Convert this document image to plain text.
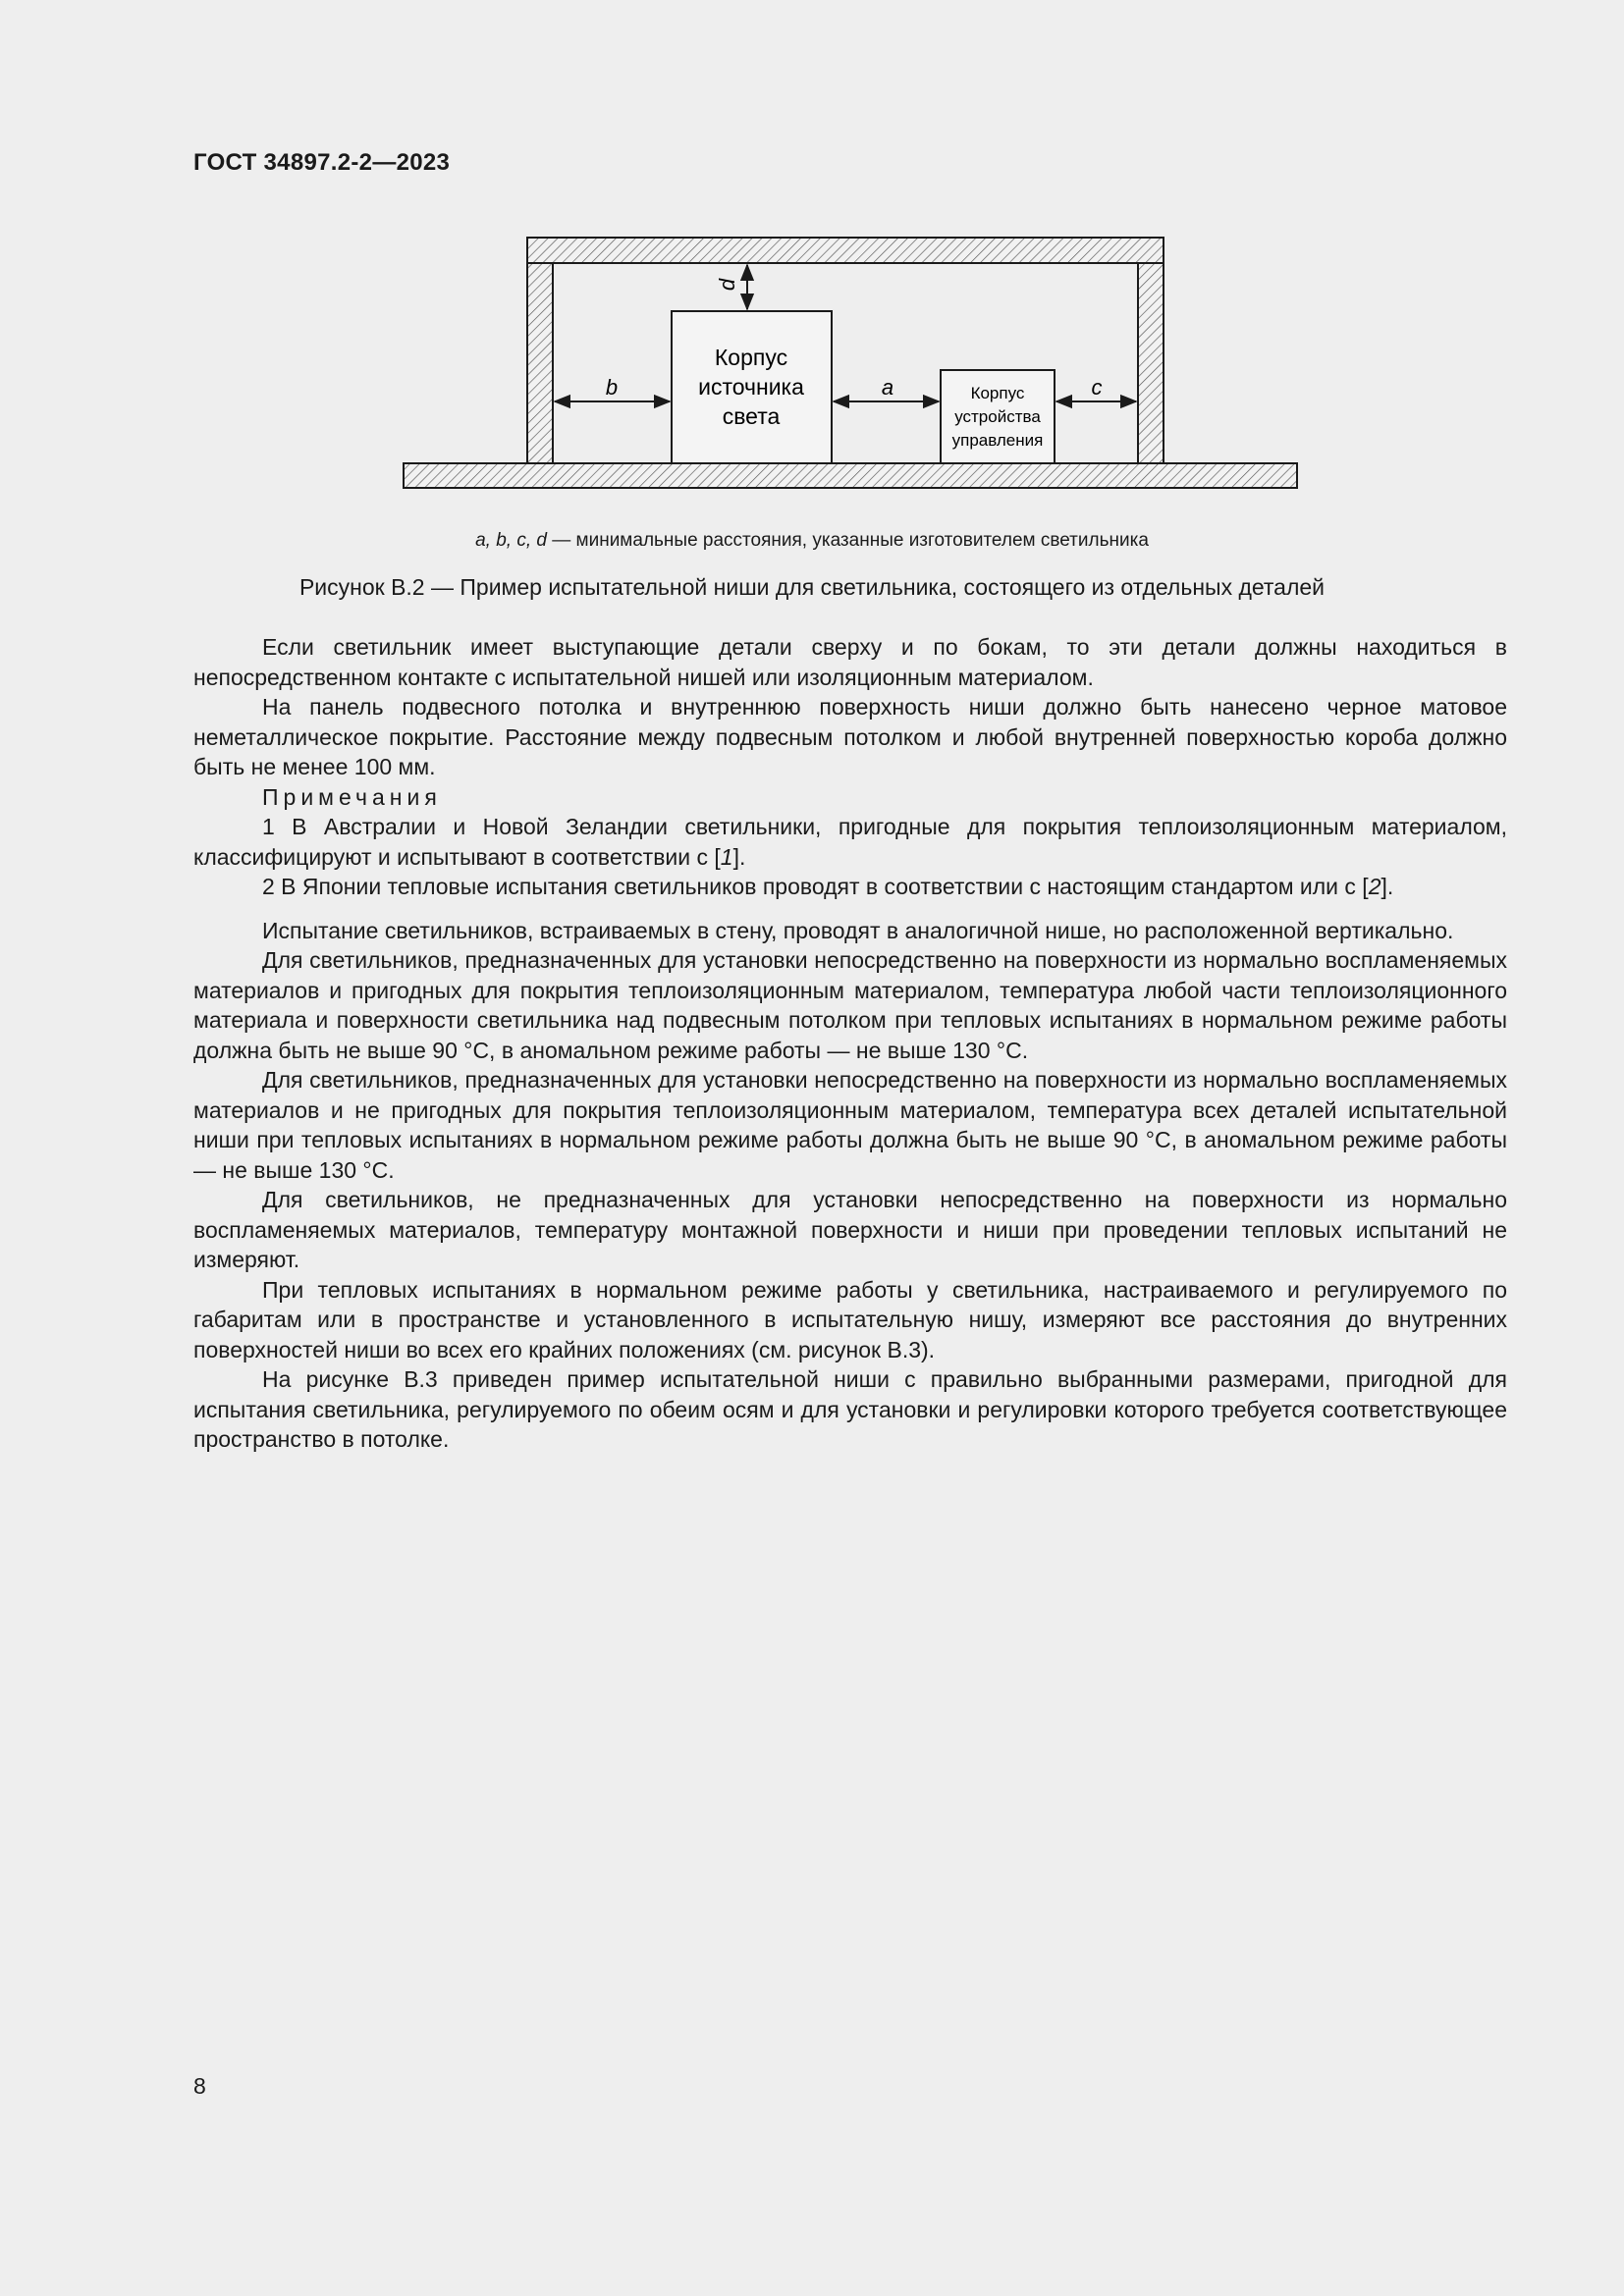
ГОСТ 34897.2-2—2023
d
b	a	c
Корпус
источника
света
Корпус
устройства
управления
a, b, c, d — минимальные расстояния, указанные изготовителем светильника
Рисунок В.2 — Пример испытательной ниши для светильника, состоящего из отдельных деталей

Если светильник имеет выступающие детали сверху и по бокам, то эти детали должны находиться в непосредственном контакте с испытательной нишей или изоляционным материалом.

На панель подвесного потолка и внутреннюю поверхность ниши должно быть нанесено черное матовое неметаллическое покрытие. Расстояние между подвесным потолком и любой внутренней поверхностью короба должно быть не менее 100 мм.

Примечания

1 В Австралии и Новой Зеландии светильники, пригодные для покрытия теплоизоляционным материалом, классифицируют и испытывают в соответствии с [1].

2 В Японии тепловые испытания светильников проводят в соответствии с настоящим стандартом или с [2].

Испытание светильников, встраиваемых в стену, проводят в аналогичной нише, но расположенной вертикально.

Для светильников, предназначенных для установки непосредственно на поверхности из нормально воспламеняемых материалов и пригодных для покрытия теплоизоляционным материалом, температура любой части теплоизоляционного материала и поверхности светильника над подвесным потолком при тепловых испытаниях в нормальном режиме работы должна быть не выше 90 °С, в аномальном режиме работы — не выше 130 °С.

Для светильников, предназначенных для установки непосредственно на поверхности из нормально воспламеняемых материалов и не пригодных для покрытия теплоизоляционным материалом, температура всех деталей испытательной ниши при тепловых испытаниях в нормальном режиме работы должна быть не выше 90 °С, в аномальном режиме работы — не выше 130 °С.

Для светильников, не предназначенных для установки непосредственно на поверхности из нормально воспламеняемых материалов, температуру монтажной поверхности и ниши при проведении тепловых испытаний не измеряют.

При тепловых испытаниях в нормальном режиме работы у светильника, настраиваемого и регулируемого по габаритам или в пространстве и установленного в испытательную нишу, измеряют все расстояния до внутренних поверхностей ниши во всех его крайних положениях (см. рисунок В.3).

На рисунке В.3 приведен пример испытательной ниши с правильно выбранными размерами, пригодной для испытания светильника, регулируемого по обеим осям и для установки и регулировки которого требуется соответствующее пространство в потолке.

8
